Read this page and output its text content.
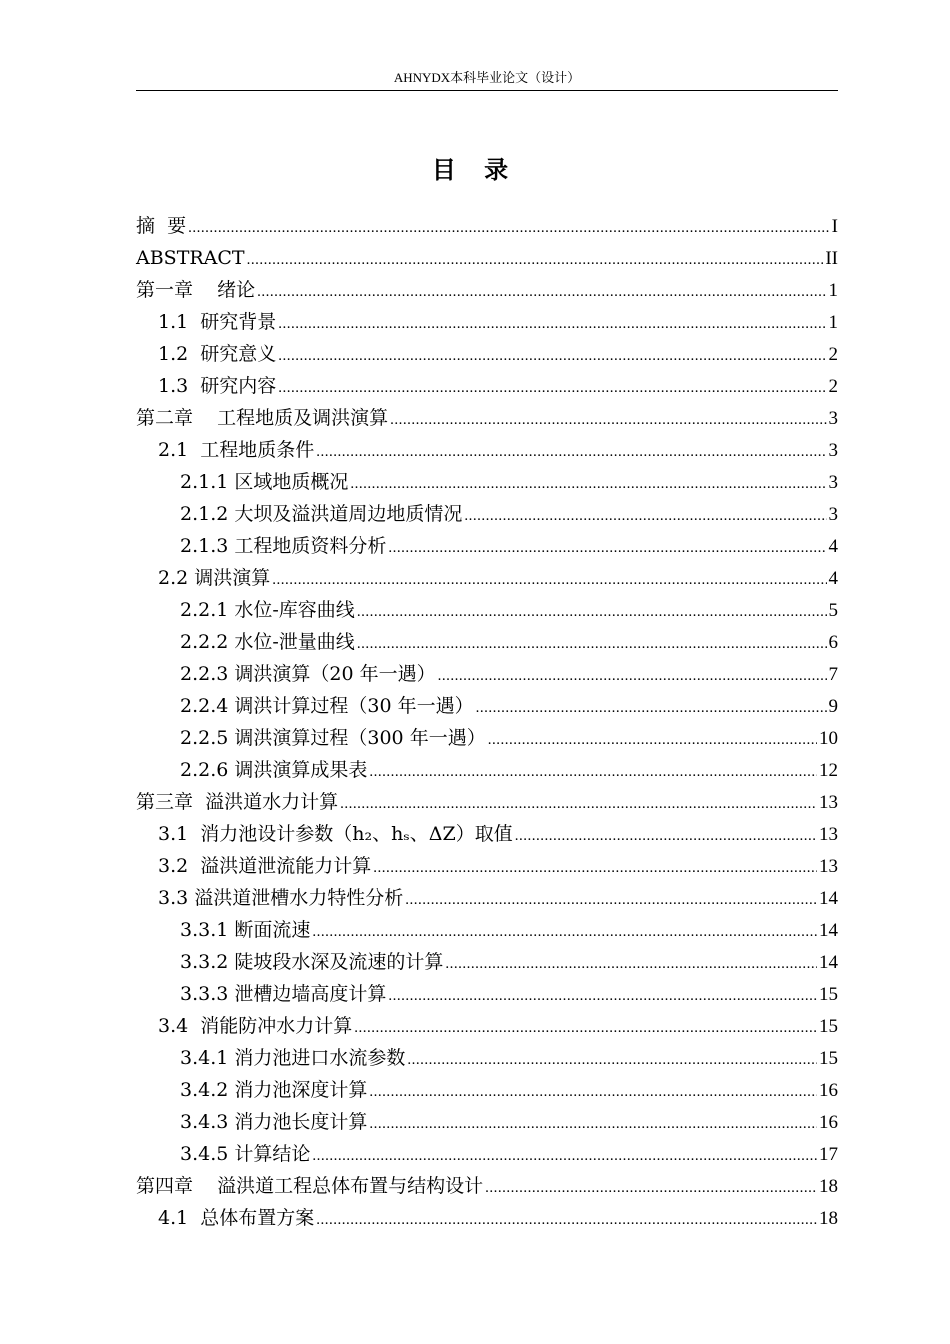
AHNYDX本科毕业论文（设计）
目 录
摘  要 .....	I
ABSTRACT .....	II
第一章    绪论 .....	1
1.1  研究背景 .....	1
1.2  研究意义 .....	2
1.3  研究内容 .....	2
第二章    工程地质及调洪演算 .....	3
2.1  工程地质条件 .....	3
2.1.1 区域地质概况 .....	3
2.1.2 大坝及溢洪道周边地质情况 .....	3
2.1.3 工程地质资料分析 .....	4
2.2 调洪演算 .....	4
2.2.1 水位-库容曲线 .....	5
2.2.2 水位-泄量曲线 .....	6
2.2.3 调洪演算（20 年一遇） .....	7
2.2.4 调洪计算过程（30 年一遇） .....	9
2.2.5 调洪演算过程（300 年一遇） .....	10
2.2.6 调洪演算成果表 .....	12
第三章  溢洪道水力计算 .....	13
3.1  消力池设计参数（h₂、hₛ、ΔZ）取值 .....	13
3.2  溢洪道泄流能力计算 .....	13
3.3 溢洪道泄槽水力特性分析 .....	14
3.3.1 断面流速 .....	14
3.3.2 陡坡段水深及流速的计算 .....	14
3.3.3 泄槽边墙高度计算 .....	15
3.4  消能防冲水力计算 .....	15
3.4.1 消力池进口水流参数 .....	15
3.4.2 消力池深度计算 .....	16
3.4.3 消力池长度计算 .....	16
3.4.5 计算结论 .....	17
第四章    溢洪道工程总体布置与结构设计 .....	18
4.1  总体布置方案 .....	18
